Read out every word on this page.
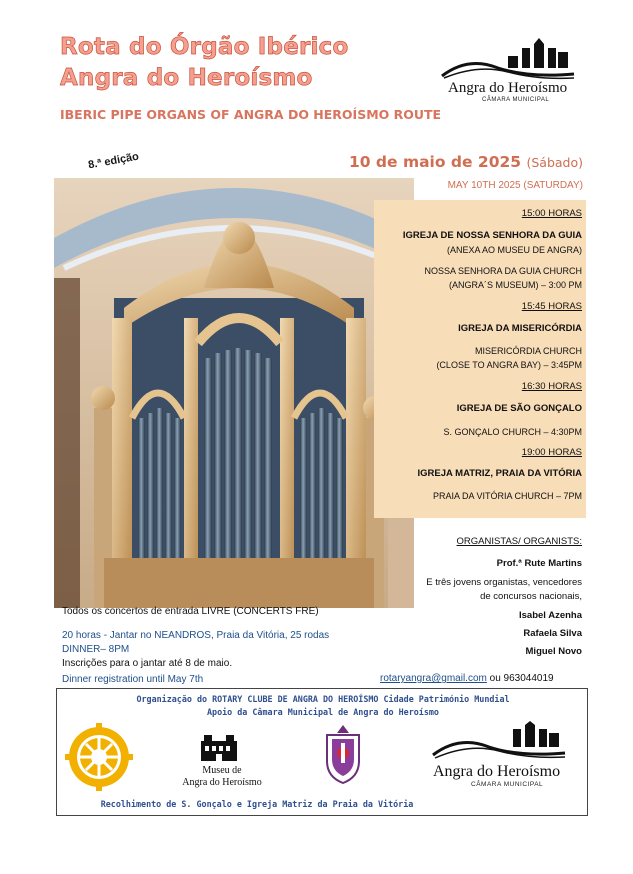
Rota do Órgão Ibérico
Angra do Heroísmo
IBERIC PIPE ORGANS OF ANGRA DO HEROÍSMO ROUTE
Angra do Heroísmo
CÂMARA MUNICIPAL
8.ª edição	10 de maio de 2025 (Sábado)
MAY 10TH 2025 (SATURDAY)
15:00 HORAS
IGREJA DE NOSSA SENHORA DA GUIA
(ANEXA AO MUSEU DE ANGRA)
NOSSA SENHORA DA GUIA CHURCH
(ANGRA´S MUSEUM) – 3:00 PM
15:45 HORAS
IGREJA DA MISERICÓRDIA
MISERICÓRDIA CHURCH
(CLOSE TO ANGRA BAY) – 3:45PM
16:30 HORAS
IGREJA DE SÃO GONÇALO
S. GONÇALO CHURCH – 4:30PM
19:00 HORAS
IGREJA MATRIZ, PRAIA DA VITÓRIA
PRAIA DA VITÓRIA CHURCH – 7PM
ORGANISTAS/ ORGANISTS:
Prof.ª Rute Martins
E três jovens organistas, vencedores
de concursos nacionais,
Isabel Azenha
Rafaela Silva
Miguel Novo
Todos os concertos de entrada LIVRE (CONCERTS FRE)
20 horas - Jantar no NEANDROS, Praia da Vitória, 25 rodas
DINNER– 8PM
Inscrições para o jantar até 8 de maio.
Dinner registration until May 7th	rotaryangra@gmail.com ou 963044019
Organização do ROTARY CLUBE DE ANGRA DO HEROÍSMO Cidade Património Mundial
Apoio da Câmara Municipal de Angra do Heroísmo
Museu de
Angra do Heroísmo
Angra do Heroísmo
CÂMARA MUNICIPAL
Recolhimento de S. Gonçalo e Igreja Matriz da Praia da Vitória
